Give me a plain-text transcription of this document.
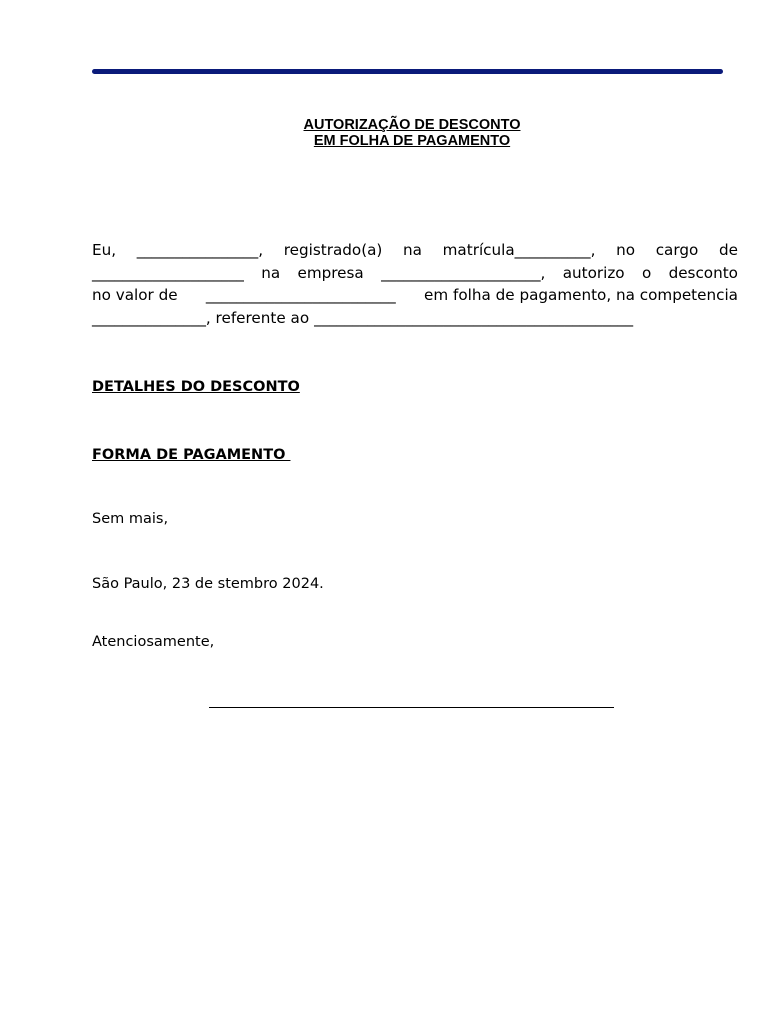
AUTORIZAÇÃO DE DESCONTO
EM FOLHA DE PAGAMENTO
Eu, ________________, registrado(a) na matrícula__________, no cargo de
____________________ na empresa _____________________, autorizo o desconto
no valor de _________________________ em folha de pagamento, na competencia
_______________, referente ao __________________________________________
DETALHES DO DESCONTO
FORMA DE PAGAMENTO
Sem mais,
São Paulo, 23 de stembro 2024.
Atenciosamente,
